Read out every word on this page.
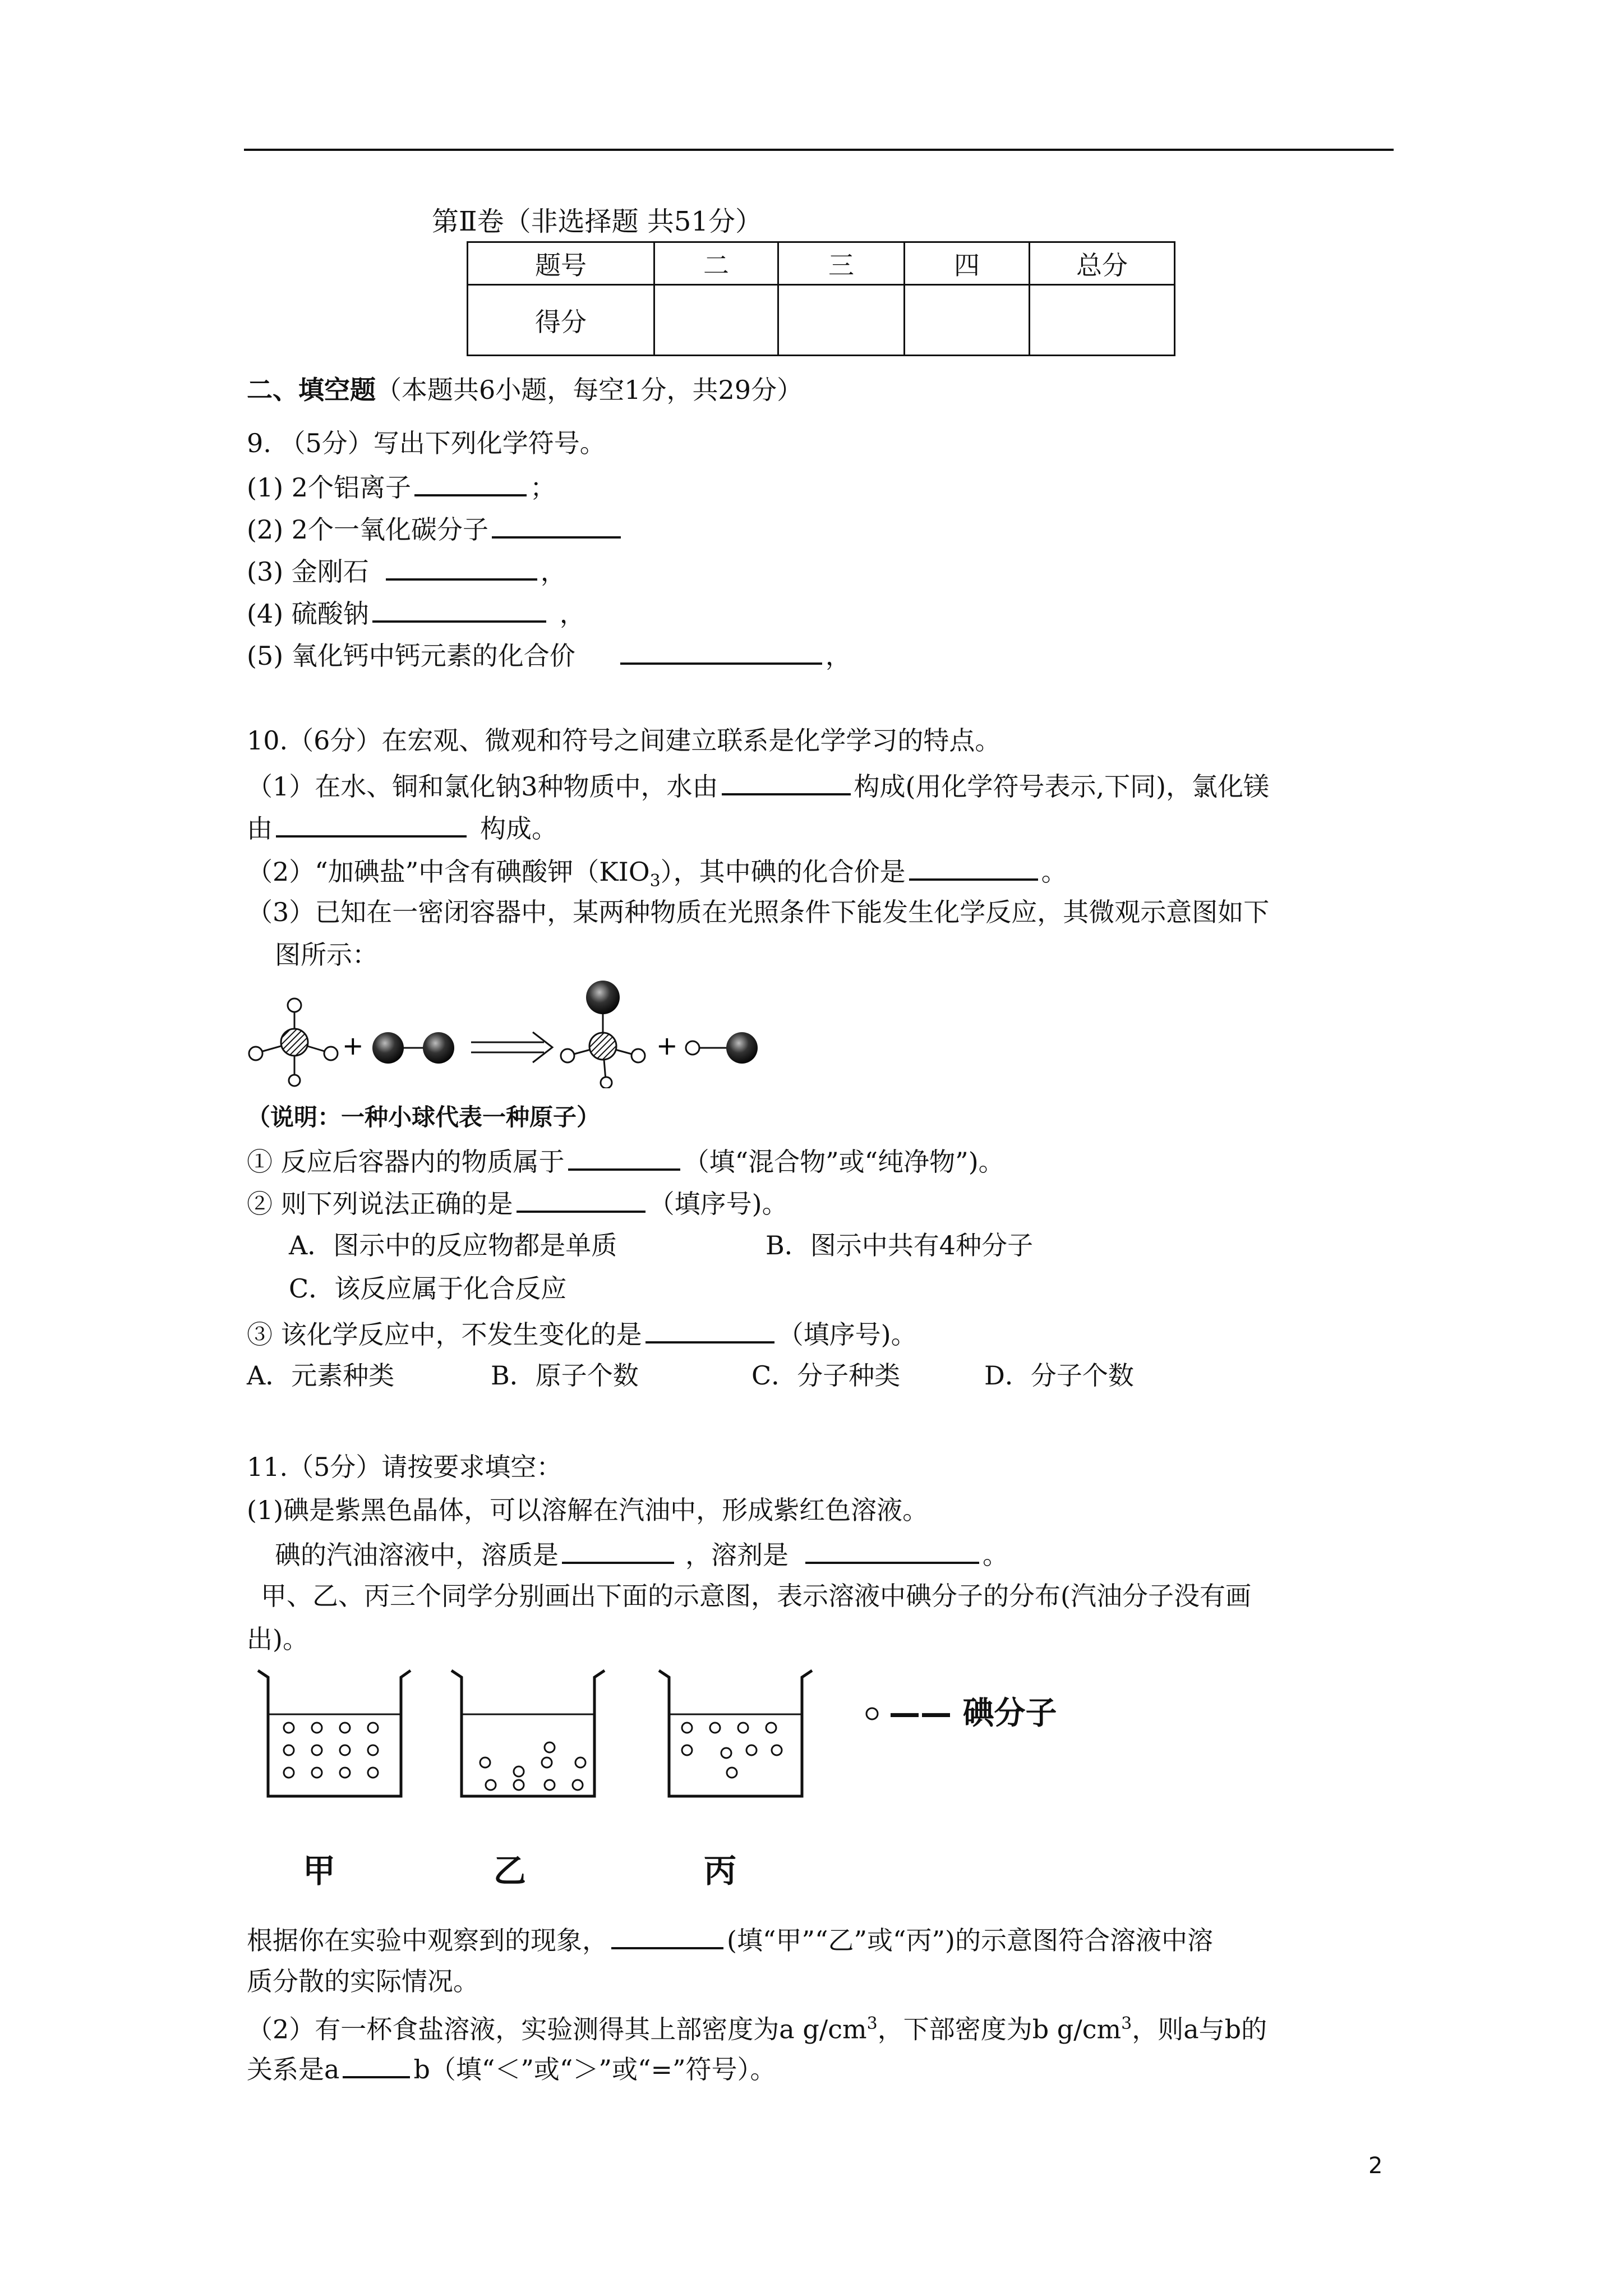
第Ⅱ卷（非选择题 共51分）
题号	二	三	四	总分
得分				
二、填空题（本题共6小题，每空1分，共29分）
9. （5分）写出下列化学符号。
(1) 2个铝离子	；
(2) 2个一氧化碳分子
(3) 金刚石	，
(4) 硫酸钠	，
(5) 氧化钙中钙元素的化合价	，
10.（6分）在宏观、微观和符号之间建立联系是化学学习的特点。
（1）在水、铜和氯化钠3种物质中，水由	构成(用化学符号表示,下同)，氯化镁
由	构成。
（2）“加碘盐”中含有碘酸钾$(KIO_3)$，其中碘的化合价是	。
（3）已知在一密闭容器中，某两种物质在光照条件下能发生化学反应，其微观示意图如下
图所示：
+	+
（说明：一种小球代表一种原子）
① 反应后容器内的物质属于	（填“混合物”或“纯净物”)。
② 则下列说法正确的是	（填序号)。
A．图示中的反应物都是单质	B．图示中共有4种分子
C．该反应属于化合反应
③ 该化学反应中，不发生变化的是	（填序号)。
A．元素种类	B．原子个数	C．分子种类	D．分子个数
11.（5分）请按要求填空：
(1)碘是紫黑色晶体，可以溶解在汽油中，形成紫红色溶液。
碘的汽油溶液中，溶质是	，溶剂是	。
甲、乙、丙三个同学分别画出下面的示意图，表示溶液中碘分子的分布(汽油分子没有画
出)。
—— 碘分子
甲	乙	丙
根据你在实验中观察到的现象，	(填“甲”“乙”或“丙”)的示意图符合溶液中溶
质分散的实际情况。
（2）有一杯食盐溶液，实验测得其上部密度为a $g/cm^3$，下部密度为b $g/cm^3$，则a与b的
关系是a	b（填“＜”或“＞”或“=”符号）。
2
